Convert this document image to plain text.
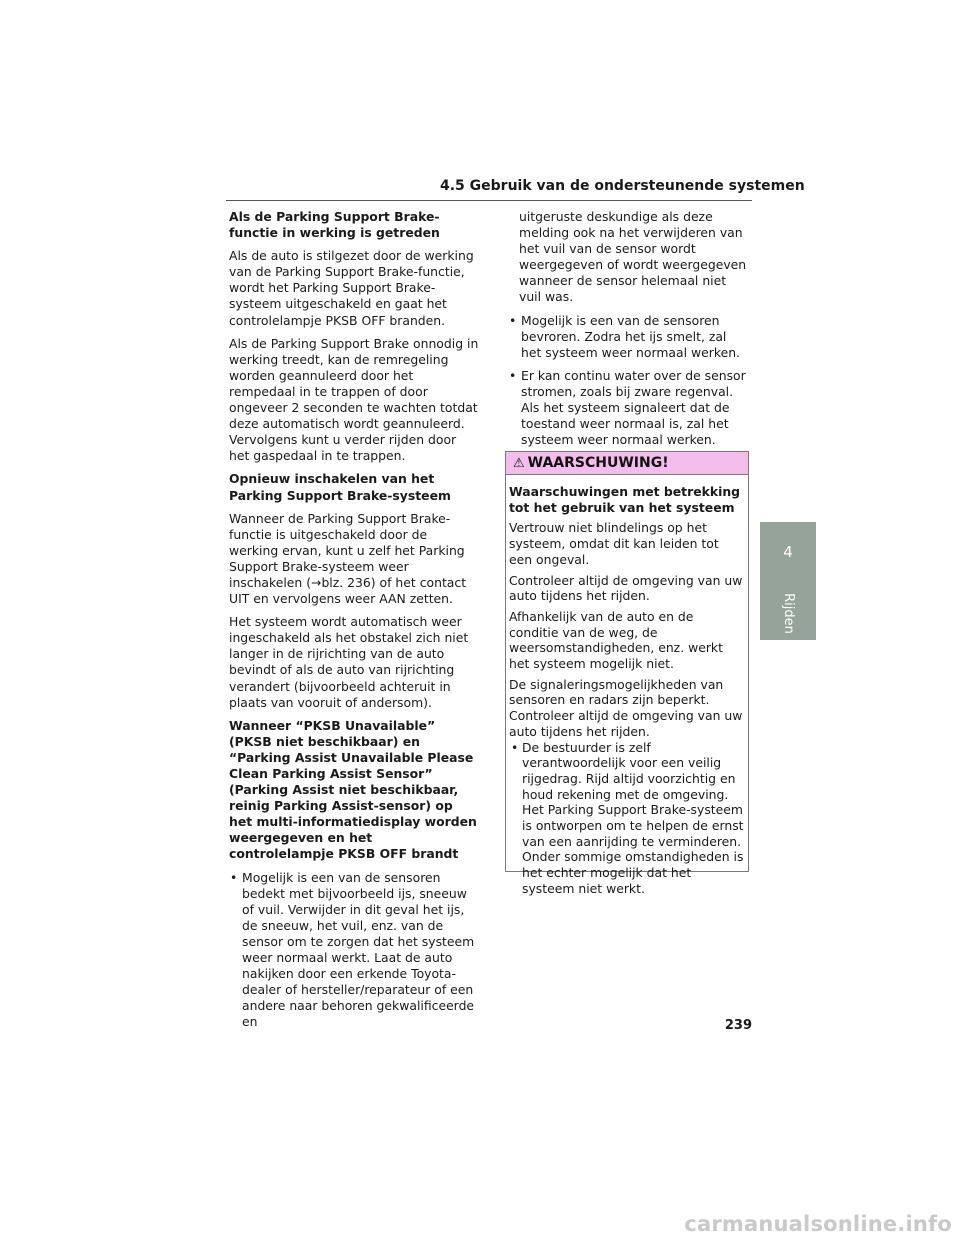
4.5 Gebruik van de ondersteunende systemen
Als de Parking Support Brake-functie in werking is getreden

Als de auto is stilgezet door de werking van de Parking Support Brake-functie, wordt het Parking Support Brake-systeem uitgeschakeld en gaat het controlelampje PKSB OFF branden.

Als de Parking Support Brake onnodig in werking treedt, kan de remregeling worden geannuleerd door het rempedaal in te trappen of door ongeveer 2 seconden te wachten totdat deze automatisch wordt geannuleerd. Vervolgens kunt u verder rijden door het gaspedaal in te trappen.

Opnieuw inschakelen van het Parking Support Brake-systeem

Wanneer de Parking Support Brake-functie is uitgeschakeld door de werking ervan, kunt u zelf het Parking Support Brake-systeem weer inschakelen (→blz. 236) of het contact UIT en vervolgens weer AAN zetten.

Het systeem wordt automatisch weer ingeschakeld als het obstakel zich niet langer in de rijrichting van de auto bevindt of als de auto van rijrichting verandert (bijvoorbeeld achteruit in plaats van vooruit of andersom).

Wanneer “PKSB Unavailable” (PKSB niet beschikbaar) en “Parking Assist Unavailable Please Clean Parking Assist Sensor” (Parking Assist niet beschikbaar, reinig Parking Assist-sensor) op het multi-informatiedisplay worden weergegeven en het controlelampje PKSB OFF brandt
• Mogelijk is een van de sensoren bedekt met bijvoorbeeld ijs, sneeuw of vuil. Verwijder in dit geval het ijs, de sneeuw, het vuil, enz. van de sensor om te zorgen dat het systeem weer normaal werkt. Laat de auto nakijken door een erkende Toyota-dealer of hersteller/reparateur of een andere naar behoren gekwalificeerde en
uitgeruste deskundige als deze melding ook na het verwijderen van het vuil van de sensor wordt weergegeven of wordt weergegeven wanneer de sensor helemaal niet vuil was.
• Mogelijk is een van de sensoren bevroren. Zodra het ijs smelt, zal het systeem weer normaal werken.
• Er kan continu water over de sensor stromen, zoals bij zware regenval. Als het systeem signaleert dat de toestand weer normaal is, zal het systeem weer normaal werken.
⚠ WAARSCHUWING!
Waarschuwingen met betrekking tot het gebruik van het systeem

Vertrouw niet blindelings op het systeem, omdat dit kan leiden tot een ongeval.

Controleer altijd de omgeving van uw auto tijdens het rijden.

Afhankelijk van de auto en de conditie van de weg, de weersomstandigheden, enz. werkt het systeem mogelijk niet.

De signaleringsmogelijkheden van sensoren en radars zijn beperkt. Controleer altijd de omgeving van uw auto tijdens het rijden.

• De bestuurder is zelf verantwoordelijk voor een veilig rijgedrag. Rijd altijd voorzichtig en houd rekening met de omgeving. Het Parking Support Brake-systeem is ontworpen om te helpen de ernst van een aanrijding te verminderen. Onder sommige omstandigheden is het echter mogelijk dat het systeem niet werkt.
4
Rijden
239
carmanualsonline.info
